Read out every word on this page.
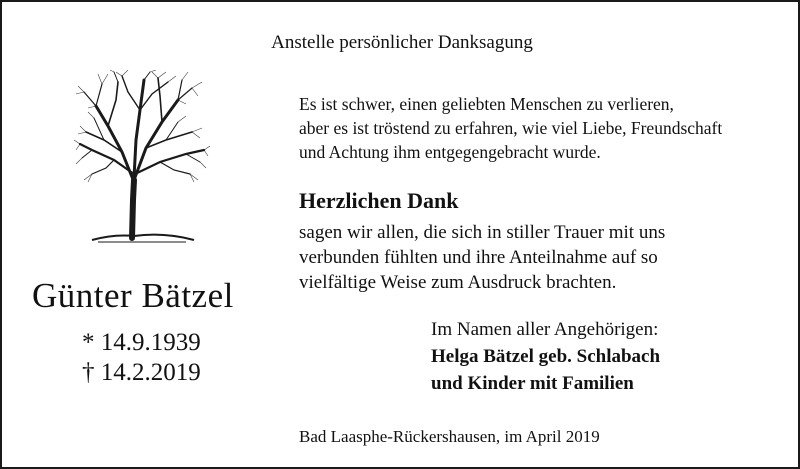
Anstelle persönlicher Danksagung
Günter Bätzel
* 14.9.1939
† 14.2.2019
Es ist schwer, einen geliebten Menschen zu verlieren,
aber es ist tröstend zu erfahren, wie viel Liebe, Freundschaft
und Achtung ihm entgegengebracht wurde.
Herzlichen Dank
sagen wir allen, die sich in stiller Trauer mit uns
verbunden fühlten und ihre Anteilnahme auf so
vielfältige Weise zum Ausdruck brachten.
Im Namen aller Angehörigen:
Helga Bätzel geb. Schlabach
und Kinder mit Familien
Bad Laasphe-Rückershausen, im April 2019
